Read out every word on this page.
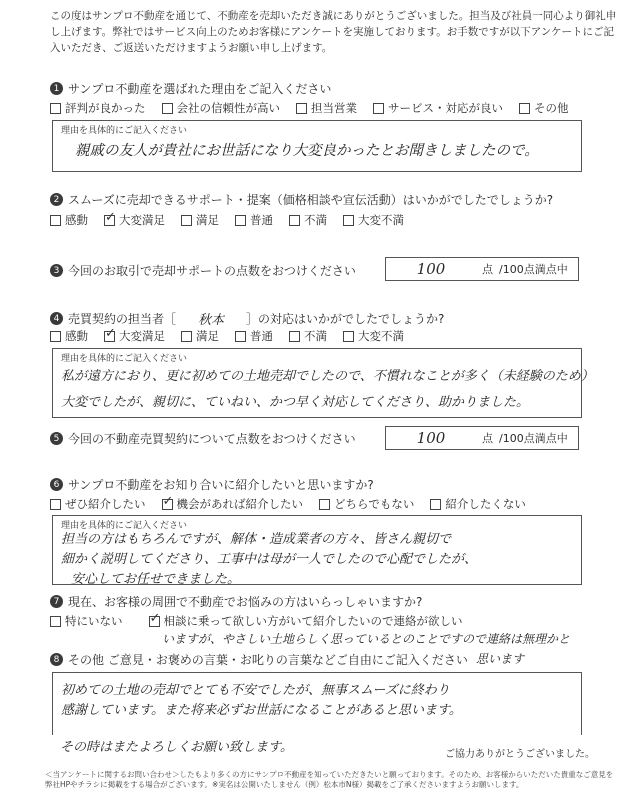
この度はサンプロ不動産を通じて、不動産を売却いただき誠にありがとうございました。担当及び社員一同心より御礼申し上げます。弊社ではサービス向上のためお客様にアンケートを実施しております。お手数ですが以下アンケートにご記入いただき、ご返送いただけますようお願い申し上げます。
1 サンプロ不動産を選ばれた理由をご記入ください
評判が良かった	会社の信頼性が高い	担当営業	サービス・対応が良い	その他
理由を具体的にご記入ください
親戚の友人が貴社にお世話になり大変良かったとお聞きしましたので。
2 スムーズに売却できるサポート・提案（価格相談や宣伝活動）はいかがでしたでしょうか?
感動 ✓	大変満足	満足	普通	不満	大変不満
3 今回のお取引で売却サポートの点数をおつけください	100	点 /100点満点中
4 売買契約の担当者［ 秋本 ］の対応はいかがでしたでしょうか?
感動 ✓	大変満足	満足	普通	不満	大変不満
理由を具体的にご記入ください
私が遠方におり、更に初めての土地売却でしたので、不慣れなことが多く（未経験のため）
大変でしたが、親切に、ていねい、かつ早く対応してくださり、助かりました。
5 今回の不動産売買契約について点数をおつけください	100	点 /100点満点中
6 サンプロ不動産をお知り合いに紹介したいと思いますか?
ぜひ紹介したい ✓	機会があれば紹介したい	どちらでもない	紹介したくない
理由を具体的にご記入ください
担当の方はもちろんですが、解体・造成業者の方々、皆さん親切で
細かく説明してくださり、工事中は母が一人でしたので心配でしたが、
安心してお任せできました。
7 現在、お客様の周囲で不動産でお悩みの方はいらっしゃいますか?
特にいない ✓	相談に乗って欲しい方がいて紹介したいので連絡が欲しい
いますが、やさしい土地らしく思っているとのことですので連絡は無理かと
思います
8 その他 ご意見・お褒めの言葉・お叱りの言葉などご自由にご記入ください
初めての土地の売却でとても不安でしたが、無事スムーズに終わり
感謝しています。また将来必ずお世話になることがあると思います。
その時はまたよろしくお願い致します。	ご協力ありがとうございました。
＜当アンケートに関するお問い合わせ＞したもより多くの方にサンプロ不動産を知っていただきたいと願っております。そのため、お客様からいただいた貴重なご意見を弊社HPやチラシに掲載をする場合がございます。※実名は公開いたしません（例）松本市N様）掲載をご了承くださいますようお願いします。
